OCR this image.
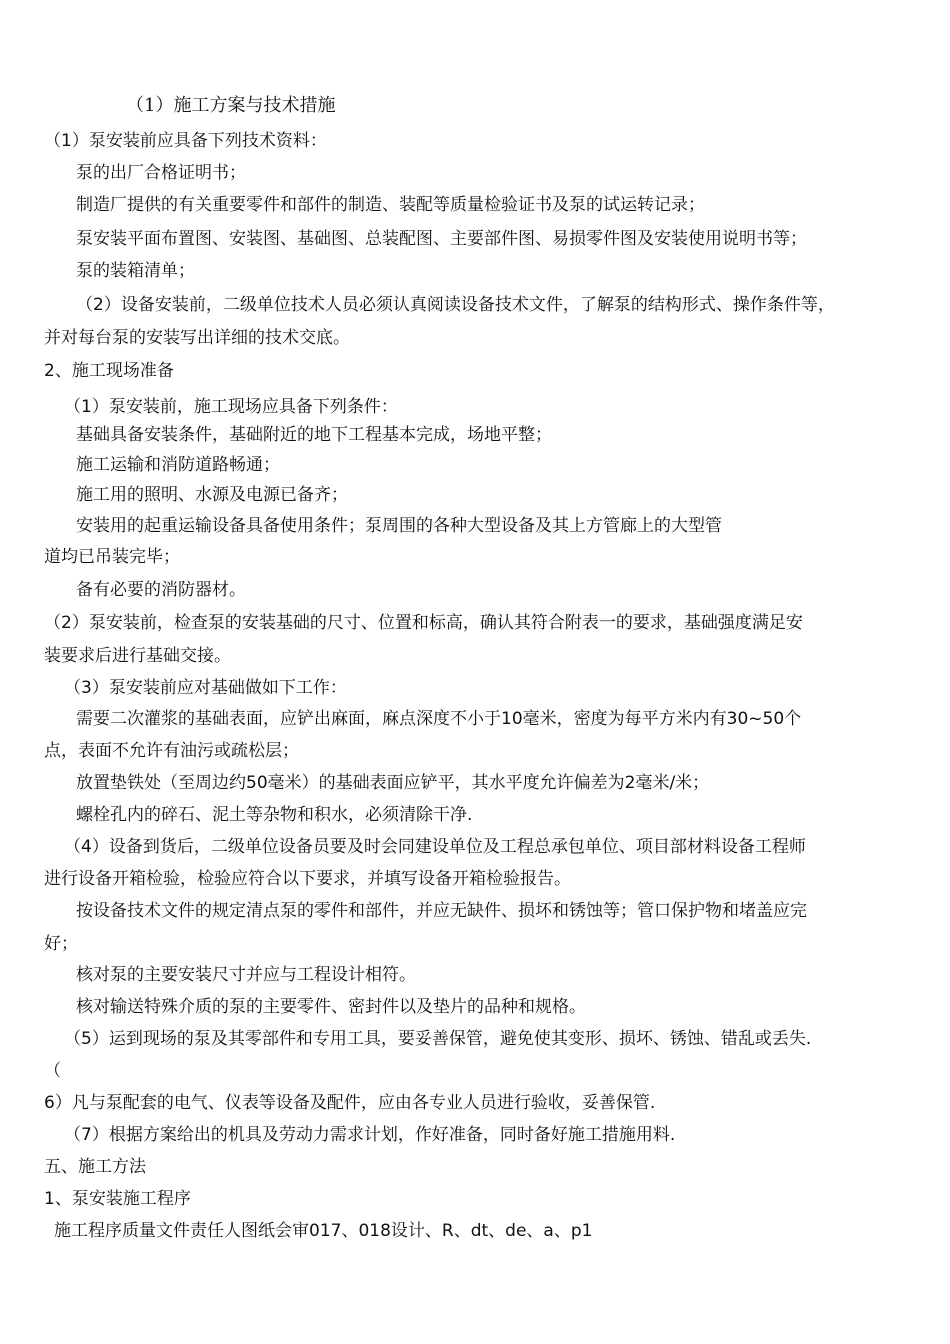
（1）施工方案与技术措施
（1）泵安装前应具备下列技术资料：
泵的出厂合格证明书；
制造厂提供的有关重要零件和部件的制造、装配等质量检验证书及泵的试运转记录；
泵安装平面布置图、安装图、基础图、总装配图、主要部件图、易损零件图及安装使用说明书等；
泵的装箱清单；
（2）设备安装前，二级单位技术人员必须认真阅读设备技术文件，了解泵的结构形式、操作条件等，
并对每台泵的安装写出详细的技术交底。
2、施工现场准备
（1）泵安装前，施工现场应具备下列条件：
基础具备安装条件，基础附近的地下工程基本完成，场地平整；
施工运输和消防道路畅通；
施工用的照明、水源及电源已备齐；
安装用的起重运输设备具备使用条件；泵周围的各种大型设备及其上方管廊上的大型管
道均已吊装完毕；
备有必要的消防器材。
（2）泵安装前，检查泵的安装基础的尺寸、位置和标高，确认其符合附表一的要求，基础强度满足安
装要求后进行基础交接。
（3）泵安装前应对基础做如下工作：
需要二次灌浆的基础表面，应铲出麻面，麻点深度不小于10毫米，密度为每平方米内有30~50个
点，表面不允许有油污或疏松层；
放置垫铁处（至周边约50毫米）的基础表面应铲平，其水平度允许偏差为2毫米/米；
螺栓孔内的碎石、泥土等杂物和积水，必须清除干净.
（4）设备到货后，二级单位设备员要及时会同建设单位及工程总承包单位、项目部材料设备工程师
进行设备开箱检验，检验应符合以下要求，并填写设备开箱检验报告。
按设备技术文件的规定清点泵的零件和部件，并应无缺件、损坏和锈蚀等；管口保护物和堵盖应完
好；
核对泵的主要安装尺寸并应与工程设计相符。
核对输送特殊介质的泵的主要零件、密封件以及垫片的品种和规格。
（5）运到现场的泵及其零部件和专用工具，要妥善保管，避免使其变形、损坏、锈蚀、错乱或丢失.
（
6）凡与泵配套的电气、仪表等设备及配件，应由各专业人员进行验收，妥善保管.
（7）根据方案给出的机具及劳动力需求计划，作好准备，同时备好施工措施用料.
五、施工方法
1、泵安装施工程序
施工程序质量文件责任人图纸会审017、018设计、R、dt、de、a、p1
